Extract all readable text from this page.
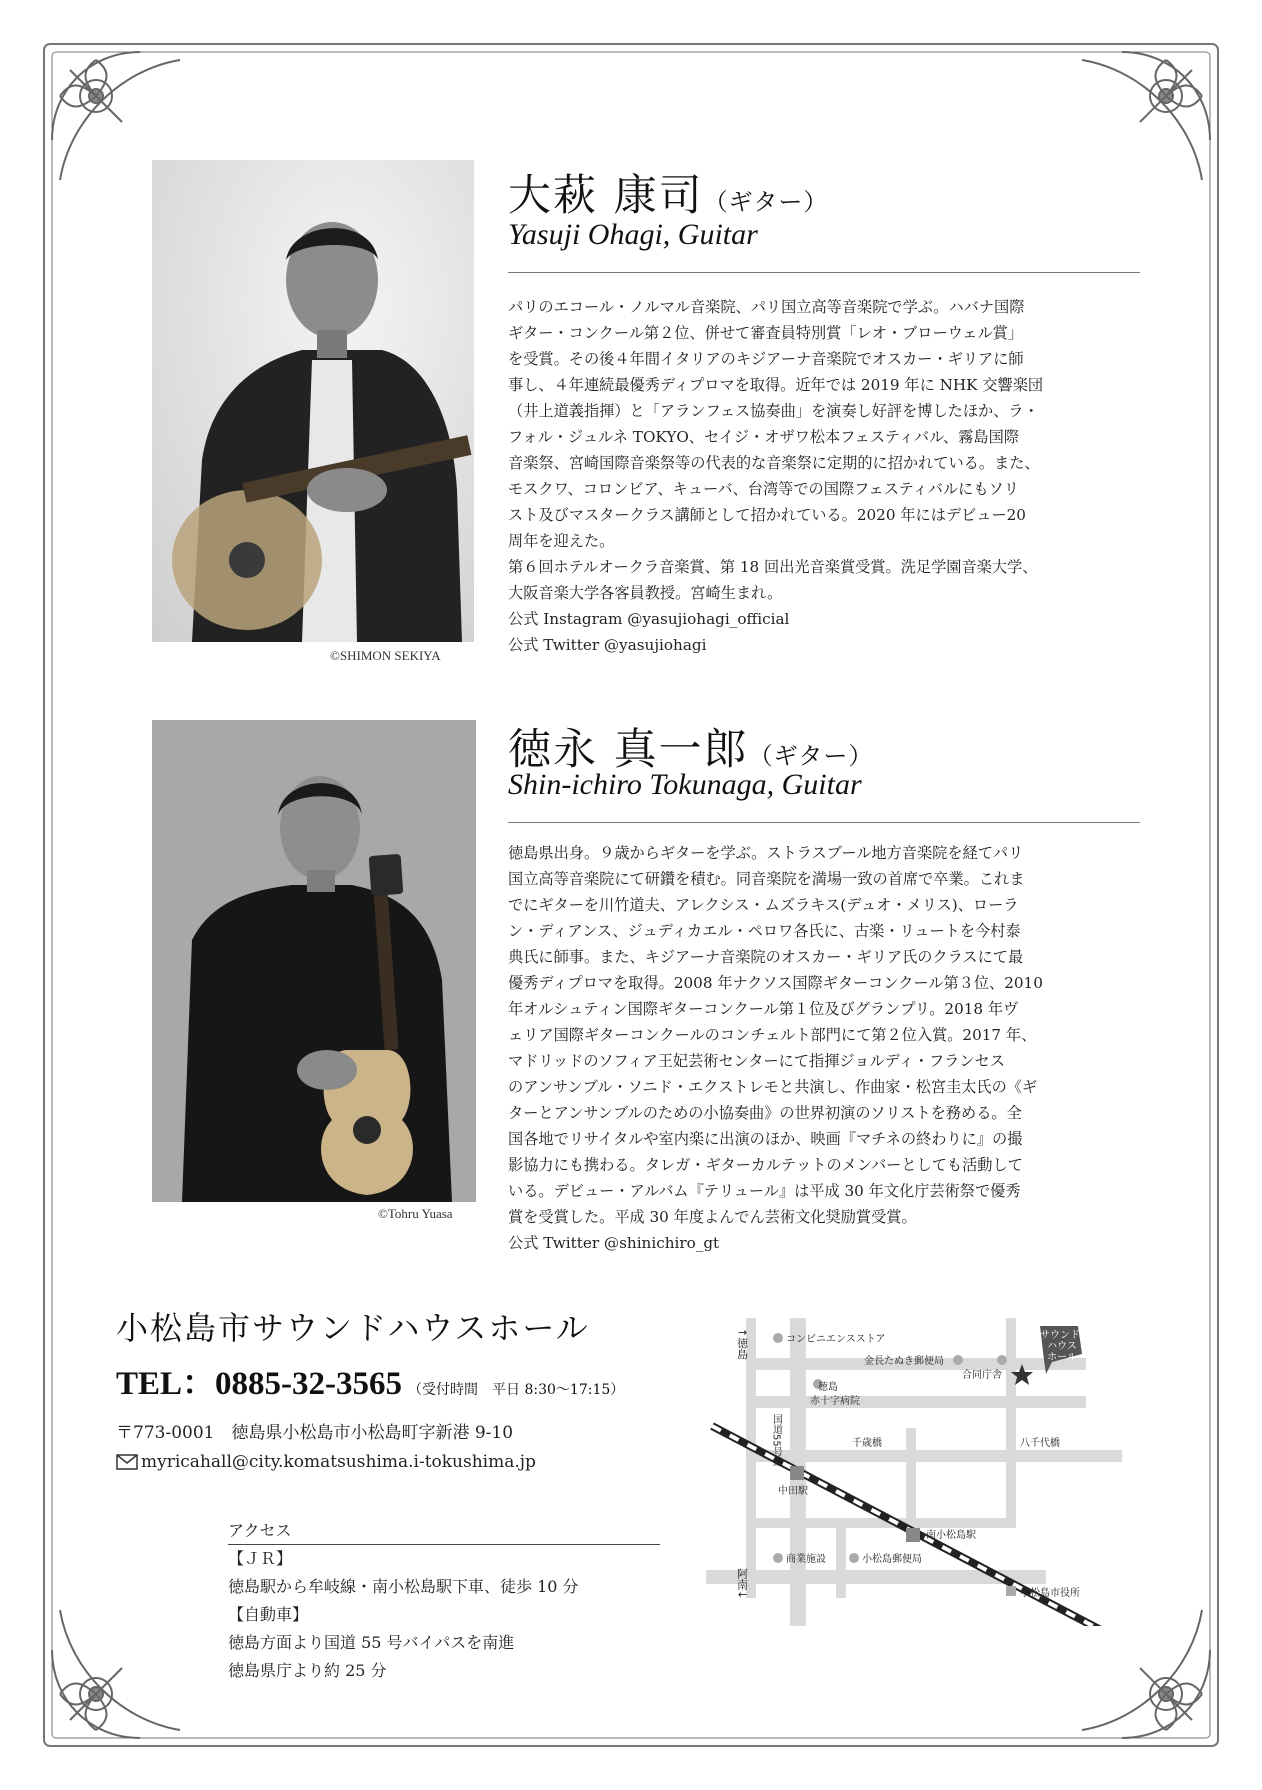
©SHIMON SEKIYA
大萩 康司（ギター）
Yasuji Ohagi, Guitar
パリのエコール・ノルマル音楽院、パリ国立高等音楽院で学ぶ。ハバナ国際
ギター・コンクール第２位、併せて審査員特別賞「レオ・ブローウェル賞」
を受賞。その後４年間イタリアのキジアーナ音楽院でオスカー・ギリアに師
事し、４年連続最優秀ディプロマを取得。近年では 2019 年に NHK 交響楽団
（井上道義指揮）と「アランフェス協奏曲」を演奏し好評を博したほか、ラ・
フォル・ジュルネ TOKYO、セイジ・オザワ松本フェスティバル、霧島国際
音楽祭、宮崎国際音楽祭等の代表的な音楽祭に定期的に招かれている。また、
モスクワ、コロンビア、キューバ、台湾等での国際フェスティバルにもソリ
スト及びマスタークラス講師として招かれている。2020 年にはデビュー20
周年を迎えた。
第６回ホテルオークラ音楽賞、第 18 回出光音楽賞受賞。洗足学園音楽大学、
大阪音楽大学各客員教授。宮崎生まれ。
公式 Instagram @yasujiohagi_official
公式 Twitter @yasujiohagi
©Tohru Yuasa
徳永 真一郎（ギター）
Shin-ichiro Tokunaga, Guitar
徳島県出身。９歳からギターを学ぶ。ストラスブール地方音楽院を経てパリ
国立高等音楽院にて研鑽を積む。同音楽院を満場一致の首席で卒業。これま
でにギターを川竹道夫、アレクシス・ムズラキス(デュオ・メリス)、ローラ
ン・ディアンス、ジュディカエル・ペロワ各氏に、古楽・リュートを今村泰
典氏に師事。また、キジアーナ音楽院のオスカー・ギリア氏のクラスにて最
優秀ディプロマを取得。2008 年ナクソス国際ギターコンクール第３位、2010
年オルシュティン国際ギターコンクール第１位及びグランプリ。2018 年ヴ
ェリア国際ギターコンクールのコンチェルト部門にて第２位入賞。2017 年、
マドリッドのソフィア王妃芸術センターにて指揮ジョルディ・フランセス
のアンサンブル・ソニド・エクストレモと共演し、作曲家・松宮圭太氏の《ギ
ターとアンサンブルのための小協奏曲》の世界初演のソリストを務める。全
国各地でリサイタルや室内楽に出演のほか、映画『マチネの終わりに』の撮
影協力にも携わる。タレガ・ギターカルテットのメンバーとしても活動して
いる。デビュー・アルバム『テリュール』は平成 30 年文化庁芸術祭で優秀
賞を受賞した。平成 30 年度よんでん芸術文化奨励賞受賞。
公式 Twitter @shinichiro_gt
小松島市サウンドハウスホール
TEL：0885-32-3565 （受付時間　平日 8:30〜17:15）
〒773-0001　徳島県小松島市小松島町字新港 9-10
myricahall@city.komatsushima.i-tokushima.jp
アクセス
【ＪＲ】
徳島駅から牟岐線・南小松島駅下車、徒歩 10 分
【自動車】
徳島方面より国道 55 号バイパスを南進
徳島県庁より約 25 分
↑徳島
阿南↓
コンビニエンスストア
金長たぬき郵便局
合同庁舎
サウンド
ハウス
ホール
徳島
赤十字病院
国道55号線	千歳橋	八千代橋
中田駅
南小松島駅
商業施設	小松島郵便局
小松島市役所
